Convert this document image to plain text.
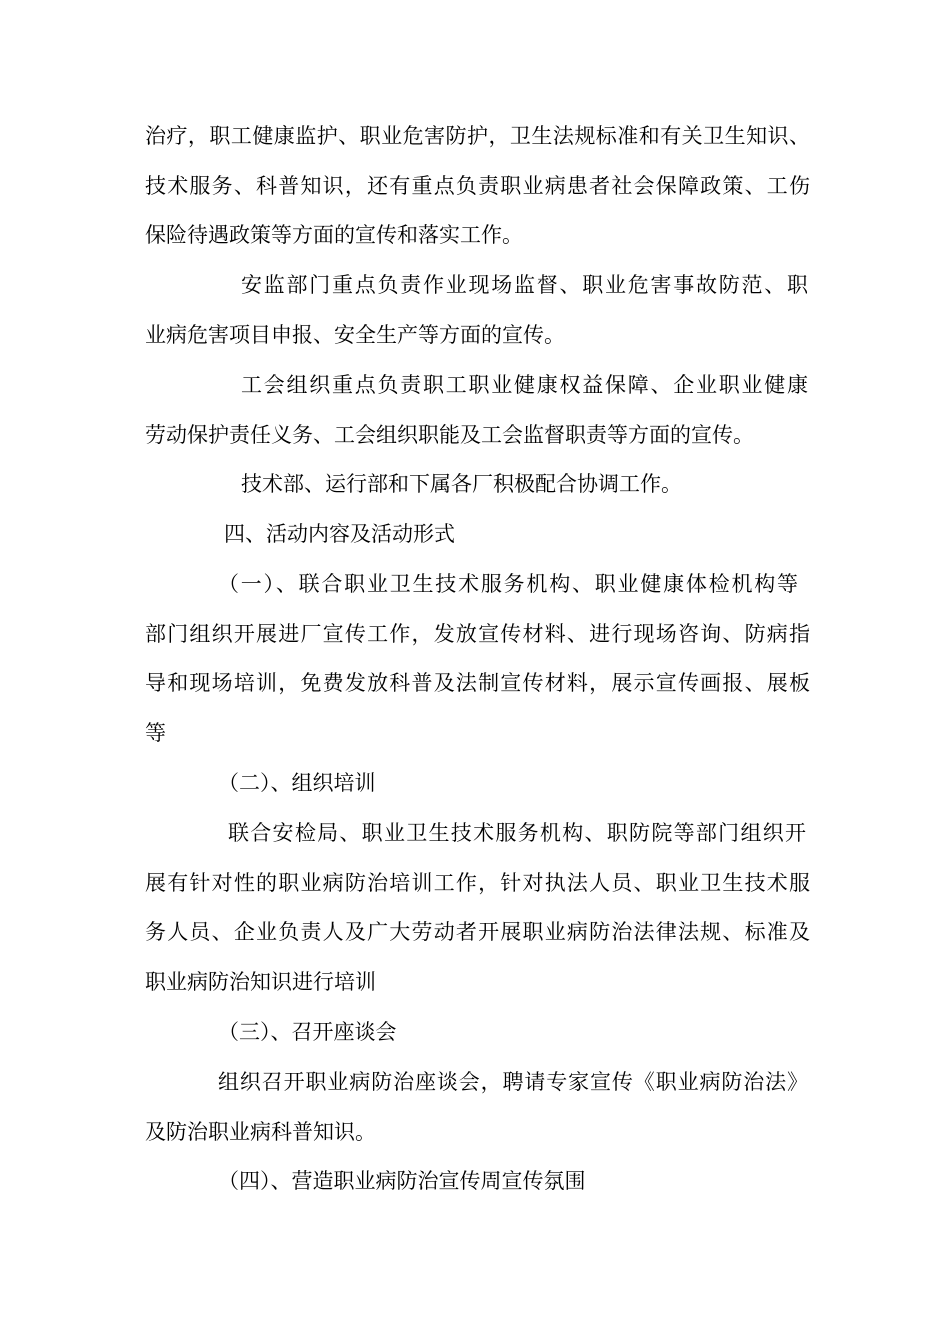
治疗，职工健康监护、职业危害防护，卫生法规标准和有关卫生知识、
技术服务、科普知识，还有重点负责职业病患者社会保障政策、工伤
保险待遇政策等方面的宣传和落实工作。
安监部门重点负责作业现场监督、职业危害事故防范、职
业病危害项目申报、安全生产等方面的宣传。
工会组织重点负责职工职业健康权益保障、企业职业健康
劳动保护责任义务、工会组织职能及工会监督职责等方面的宣传。
技术部、运行部和下属各厂积极配合协调工作。
四、活动内容及活动形式
（一）、联合职业卫生技术服务机构、职业健康体检机构等
部门组织开展进厂宣传工作，发放宣传材料、进行现场咨询、防病指
导和现场培训，免费发放科普及法制宣传材料，展示宣传画报、展板
等
（二）、组织培训
联合安检局、职业卫生技术服务机构、职防院等部门组织开
展有针对性的职业病防治培训工作，针对执法人员、职业卫生技术服
务人员、企业负责人及广大劳动者开展职业病防治法律法规、标准及
职业病防治知识进行培训
（三）、召开座谈会
组织召开职业病防治座谈会，聘请专家宣传《职业病防治法》
及防治职业病科普知识。
（四）、营造职业病防治宣传周宣传氛围
